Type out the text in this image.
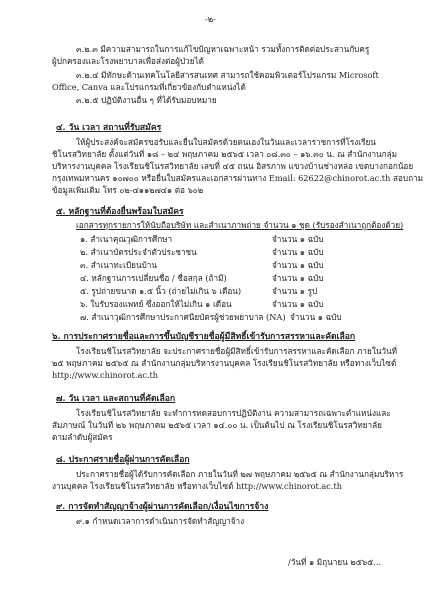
-๒-
๓.๒.๓ มีความสามารถในการแก้ไขปัญหาเฉพาะหน้า รวมทั้งการติดต่อประสานกับครู
ผู้ปกครองและโรงพยาบาลเพื่อส่งต่อผู้ป่วยได้
๓.๒.๔ มีทักษะด้านเทคโนโลยีสารสนเทศ สามารถใช้คอมพิวเตอร์โปรแกรม Microsoft
Office, Canva และโปรแกรมที่เกี่ยวข้องกับตำแหน่งได้
๓.๒.๕ ปฏิบัติงานอื่น ๆ ที่ได้รับมอบหมาย
๔. วัน เวลา สถานที่รับสมัคร
ให้ผู้ประสงค์จะสมัครขอรับและยื่นใบสมัครด้วยตนเองในวันและเวลาราชการที่โรงเรียน
ชิโนรสวิทยาลัย ตั้งแต่วันที่ ๑๘ – ๒๔ พฤษภาคม ๒๕๖๕ เวลา ๐๘.๓๐ – ๑๖.๓๐ น. ณ สำนักงานกลุ่ม
บริหารงานบุคคล โรงเรียนชิโนรสวิทยาลัย เลขที่ ๔๕ ถนน อิสรภาพ แขวงบ้านช่างหล่อ เขตบางกอกน้อย
กรุงเทพมหานคร ๑๐๗๐๐ หรือยื่นใบสมัครและเอกสารผ่านทาง Email: 62622@chinorot.ac.th สอบถาม
ข้อมูลเพิ่มเติม โทร ๐๒-๔๑๑๒๗๔๑ ต่อ ๖๐๒
๕. หลักฐานที่ต้องยื่นพร้อมใบสมัคร
เอกสารทุกรายการให้นับถือบริษัท และสำเนาภาพถ่าย จำนวน ๑ ชุด (รับรองสำเนาถูกต้องด้วย)
๑. สำเนาคุณวุฒิการศึกษา	จำนวน ๑ ฉบับ
๒. สำเนาบัตรประจำตัวประชาชน	จำนวน ๑ ฉบับ
๓. สำเนาทะเบียนบ้าน	จำนวน ๑ ฉบับ
๔. หลักฐานการเปลี่ยนชื่อ / ชื่อสกุล (ถ้ามี)	จำนวน ๑ ฉบับ
๕. รูปถ่ายขนาด ๑.๕ นิ้ว (ถ่ายไม่เกิน ๖ เดือน)	จำนวน ๑ รูป
๖. ใบรับรองแพทย์ ซึ่งออกให้ไม่เกิน ๑ เดือน	จำนวน ๑ ฉบับ
๗. สำเนาวุฒิการศึกษาประกาศนียบัตรผู้ช่วยพยาบาล (NA) จำนวน ๑ ฉบับ
๖. การประกาศรายชื่อและการขึ้นบัญชีรายชื่อผู้มีสิทธิ์เข้ารับการสรรหาและคัดเลือก
โรงเรียนชิโนรสวิทยาลัย จะประกาศรายชื่อผู้มีสิทธิ์เข้ารับการสรรหาและคัดเลือก ภายในวันที่
๒๕ พฤษภาคม ๒๕๖๕ ณ สำนักงานกลุ่มบริหารงานบุคคล โรงเรียนชิโนรสวิทยาลัย หรือทางเว็บไซต์
http://www.chinorot.ac.th
๗. วัน เวลา และสถานที่คัดเลือก
โรงเรียนชิโนรสวิทยาลัย จะทำการทดสอบการปฏิบัติงาน ความสามารถเฉพาะตำแหน่งและ
สัมภาษณ์ ในวันที่ ๒๖ พฤษภาคม ๒๕๖๕ เวลา ๑๔.๐๐ น. เป็นต้นไป ณ โรงเรียนชิโนรสวิทยาลัย
ตามลำดับผู้สมัคร
๘. ประกาศรายชื่อผู้ผ่านการคัดเลือก
ประกาศรายชื่อผู้ได้รับการคัดเลือก ภายในวันที่ ๒๗ พฤษภาคม ๒๕๖๕ ณ สำนักงานกลุ่มบริหาร
งานบุคคล โรงเรียนชิโนรสวิทยาลัย หรือทางเว็บไซต์ http://www.chinorot.ac.th
๙. การจัดทำสัญญาจ้างผู้ผ่านการคัดเลือก/เงื่อนไขการจ้าง
๙.๑ กำหนดเวลาการดำเนินการจัดทำสัญญาจ้าง
/วันที่ ๑ มิถุนายน ๒๕๖๕...
